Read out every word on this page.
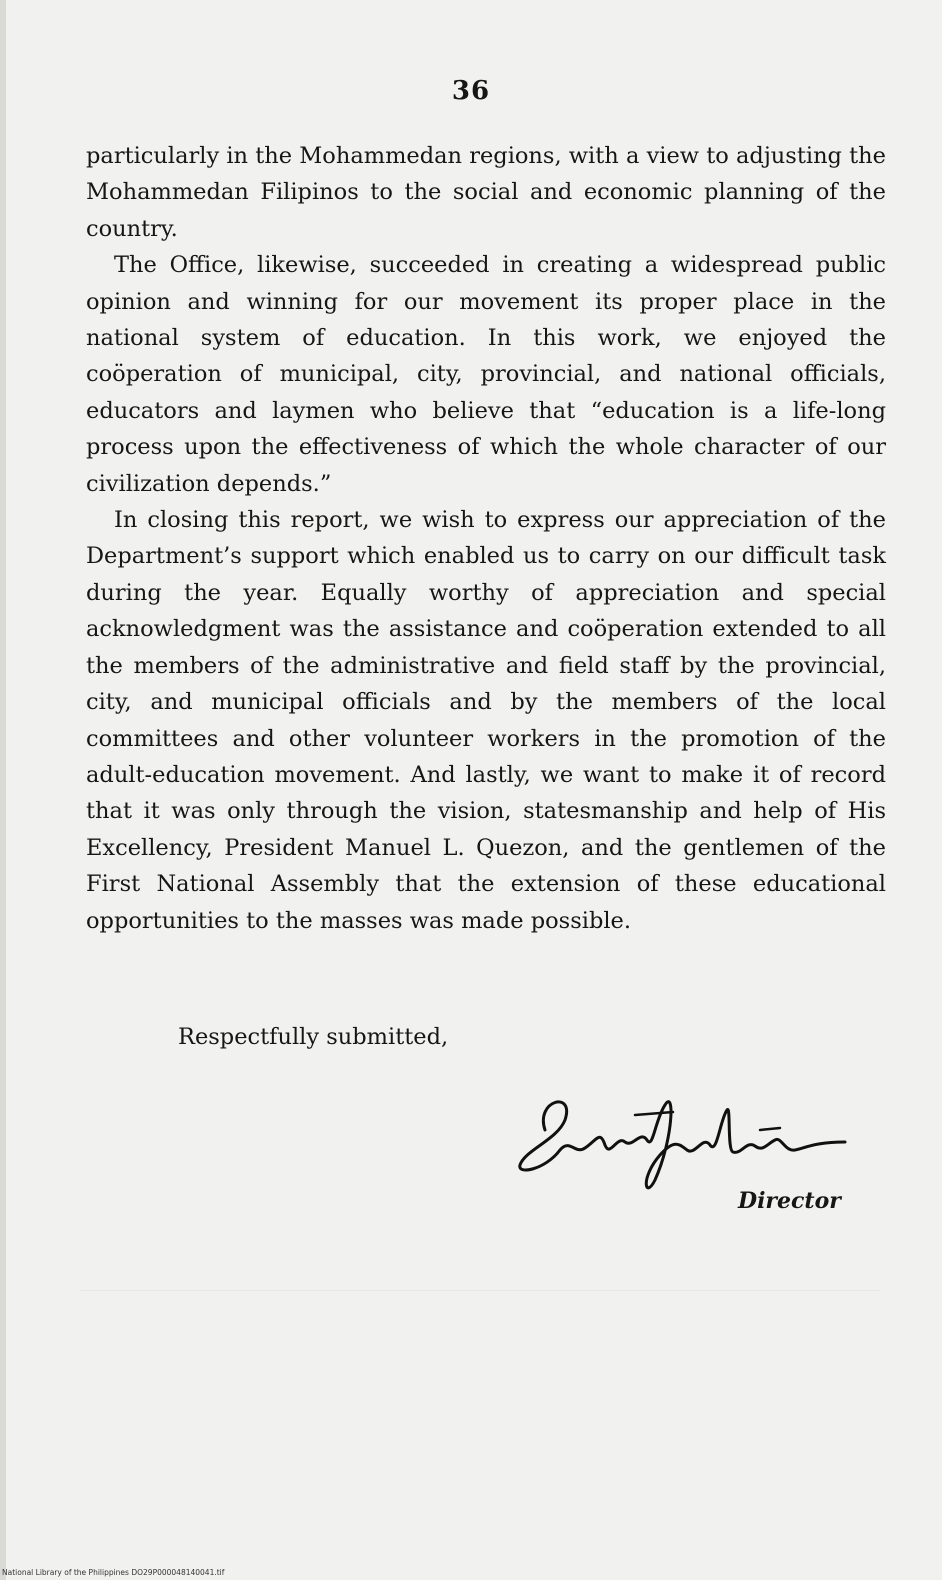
36

particularly in the Mohammedan regions, with a view to adjusting the Mohammedan Filipinos to the social and economic planning of the country.

The Office, likewise, succeeded in creating a widespread public opinion and winning for our movement its proper place in the national system of education. In this work, we enjoyed the coöperation of municipal, city, provincial, and national officials, educators and laymen who believe that “education is a life-long process upon the effectiveness of which the whole character of our civilization depends.”

In closing this report, we wish to express our appreciation of the Department’s support which enabled us to carry on our difficult task during the year. Equally worthy of appreciation and special acknowledgment was the assistance and coöperation extended to all the members of the administrative and field staff by the provincial, city, and municipal officials and by the members of the local committees and other volunteer workers in the promotion of the adult-education movement. And lastly, we want to make it of record that it was only through the vision, statesmanship and help of His Excellency, President Manuel L. Quezon, and the gentlemen of the First National Assembly that the extension of these educational opportunities to the masses was made possible.

Respectfully submitted,
Director
National Library of the Philippines DO29P000048140041.tif
